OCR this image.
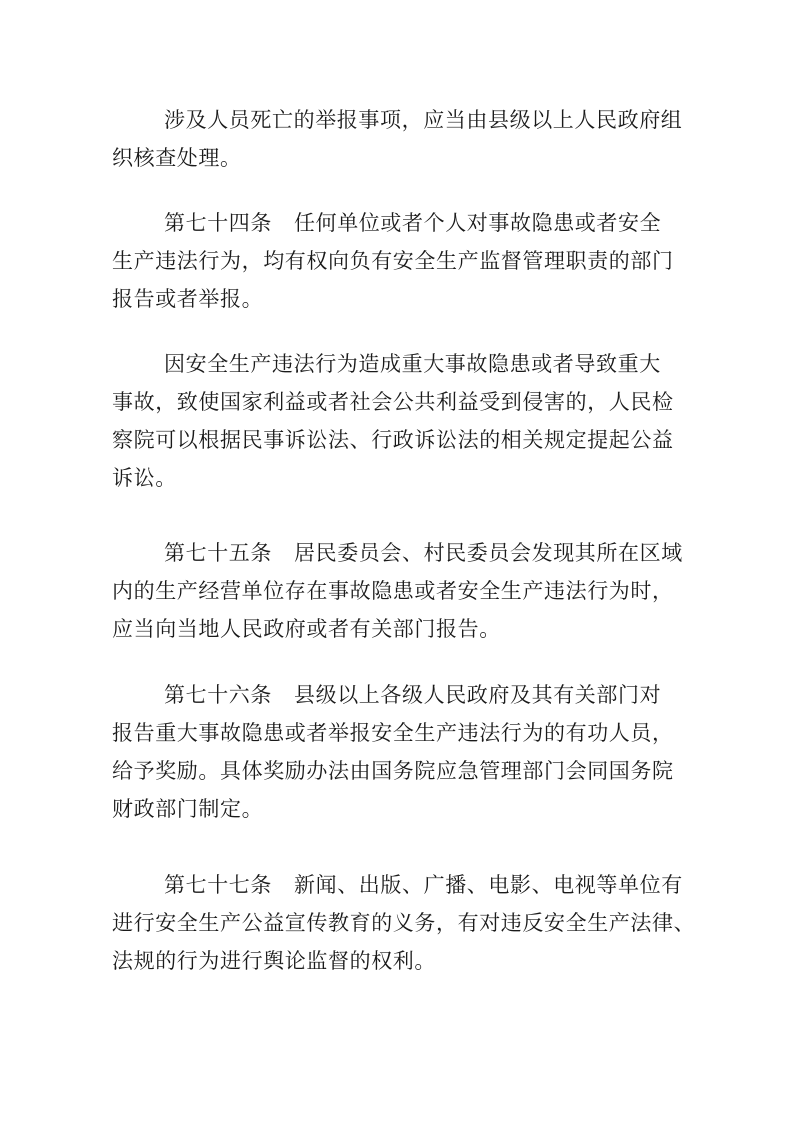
涉及人员死亡的举报事项，应当由县级以上人民政府组
织核查处理。

第七十四条 任何单位或者个人对事故隐患或者安全
生产违法行为，均有权向负有安全生产监督管理职责的部门
报告或者举报。

因安全生产违法行为造成重大事故隐患或者导致重大
事故，致使国家利益或者社会公共利益受到侵害的，人民检
察院可以根据民事诉讼法、行政诉讼法的相关规定提起公益
诉讼。

第七十五条 居民委员会、村民委员会发现其所在区域
内的生产经营单位存在事故隐患或者安全生产违法行为时，
应当向当地人民政府或者有关部门报告。

第七十六条 县级以上各级人民政府及其有关部门对
报告重大事故隐患或者举报安全生产违法行为的有功人员，
给予奖励。具体奖励办法由国务院应急管理部门会同国务院
财政部门制定。

第七十七条 新闻、出版、广播、电影、电视等单位有
进行安全生产公益宣传教育的义务，有对违反安全生产法律、
法规的行为进行舆论监督的权利。
